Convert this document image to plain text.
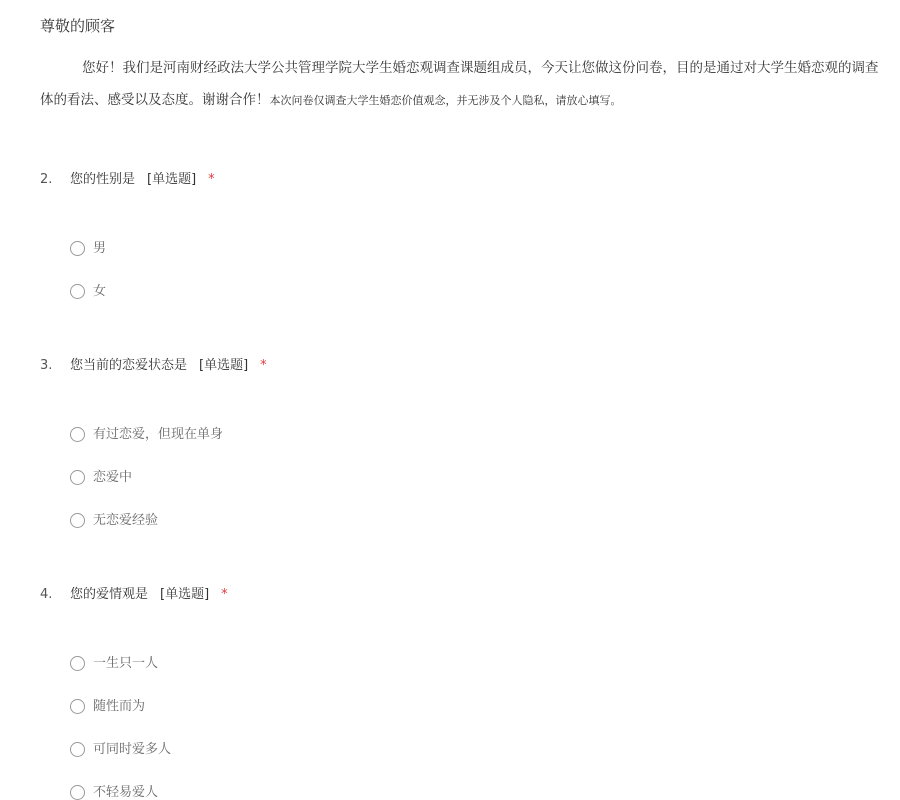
尊敬的顾客
您好！我们是河南财经政法大学公共管理学院大学生婚恋观调查课题组成员，今天让您做这份问卷，目的是通过对大学生婚恋观的调查
体的看法、感受以及态度。谢谢合作！本次问卷仅调查大学生婚恋价值观念，并无涉及个人隐私，请放心填写。
2. 您的性别是 [单选题] *
男
女
3. 您当前的恋爱状态是 [单选题] *
有过恋爱，但现在单身
恋爱中
无恋爱经验
4. 您的爱情观是 [单选题] *
一生只一人
随性而为
可同时爱多人
不轻易爱人
